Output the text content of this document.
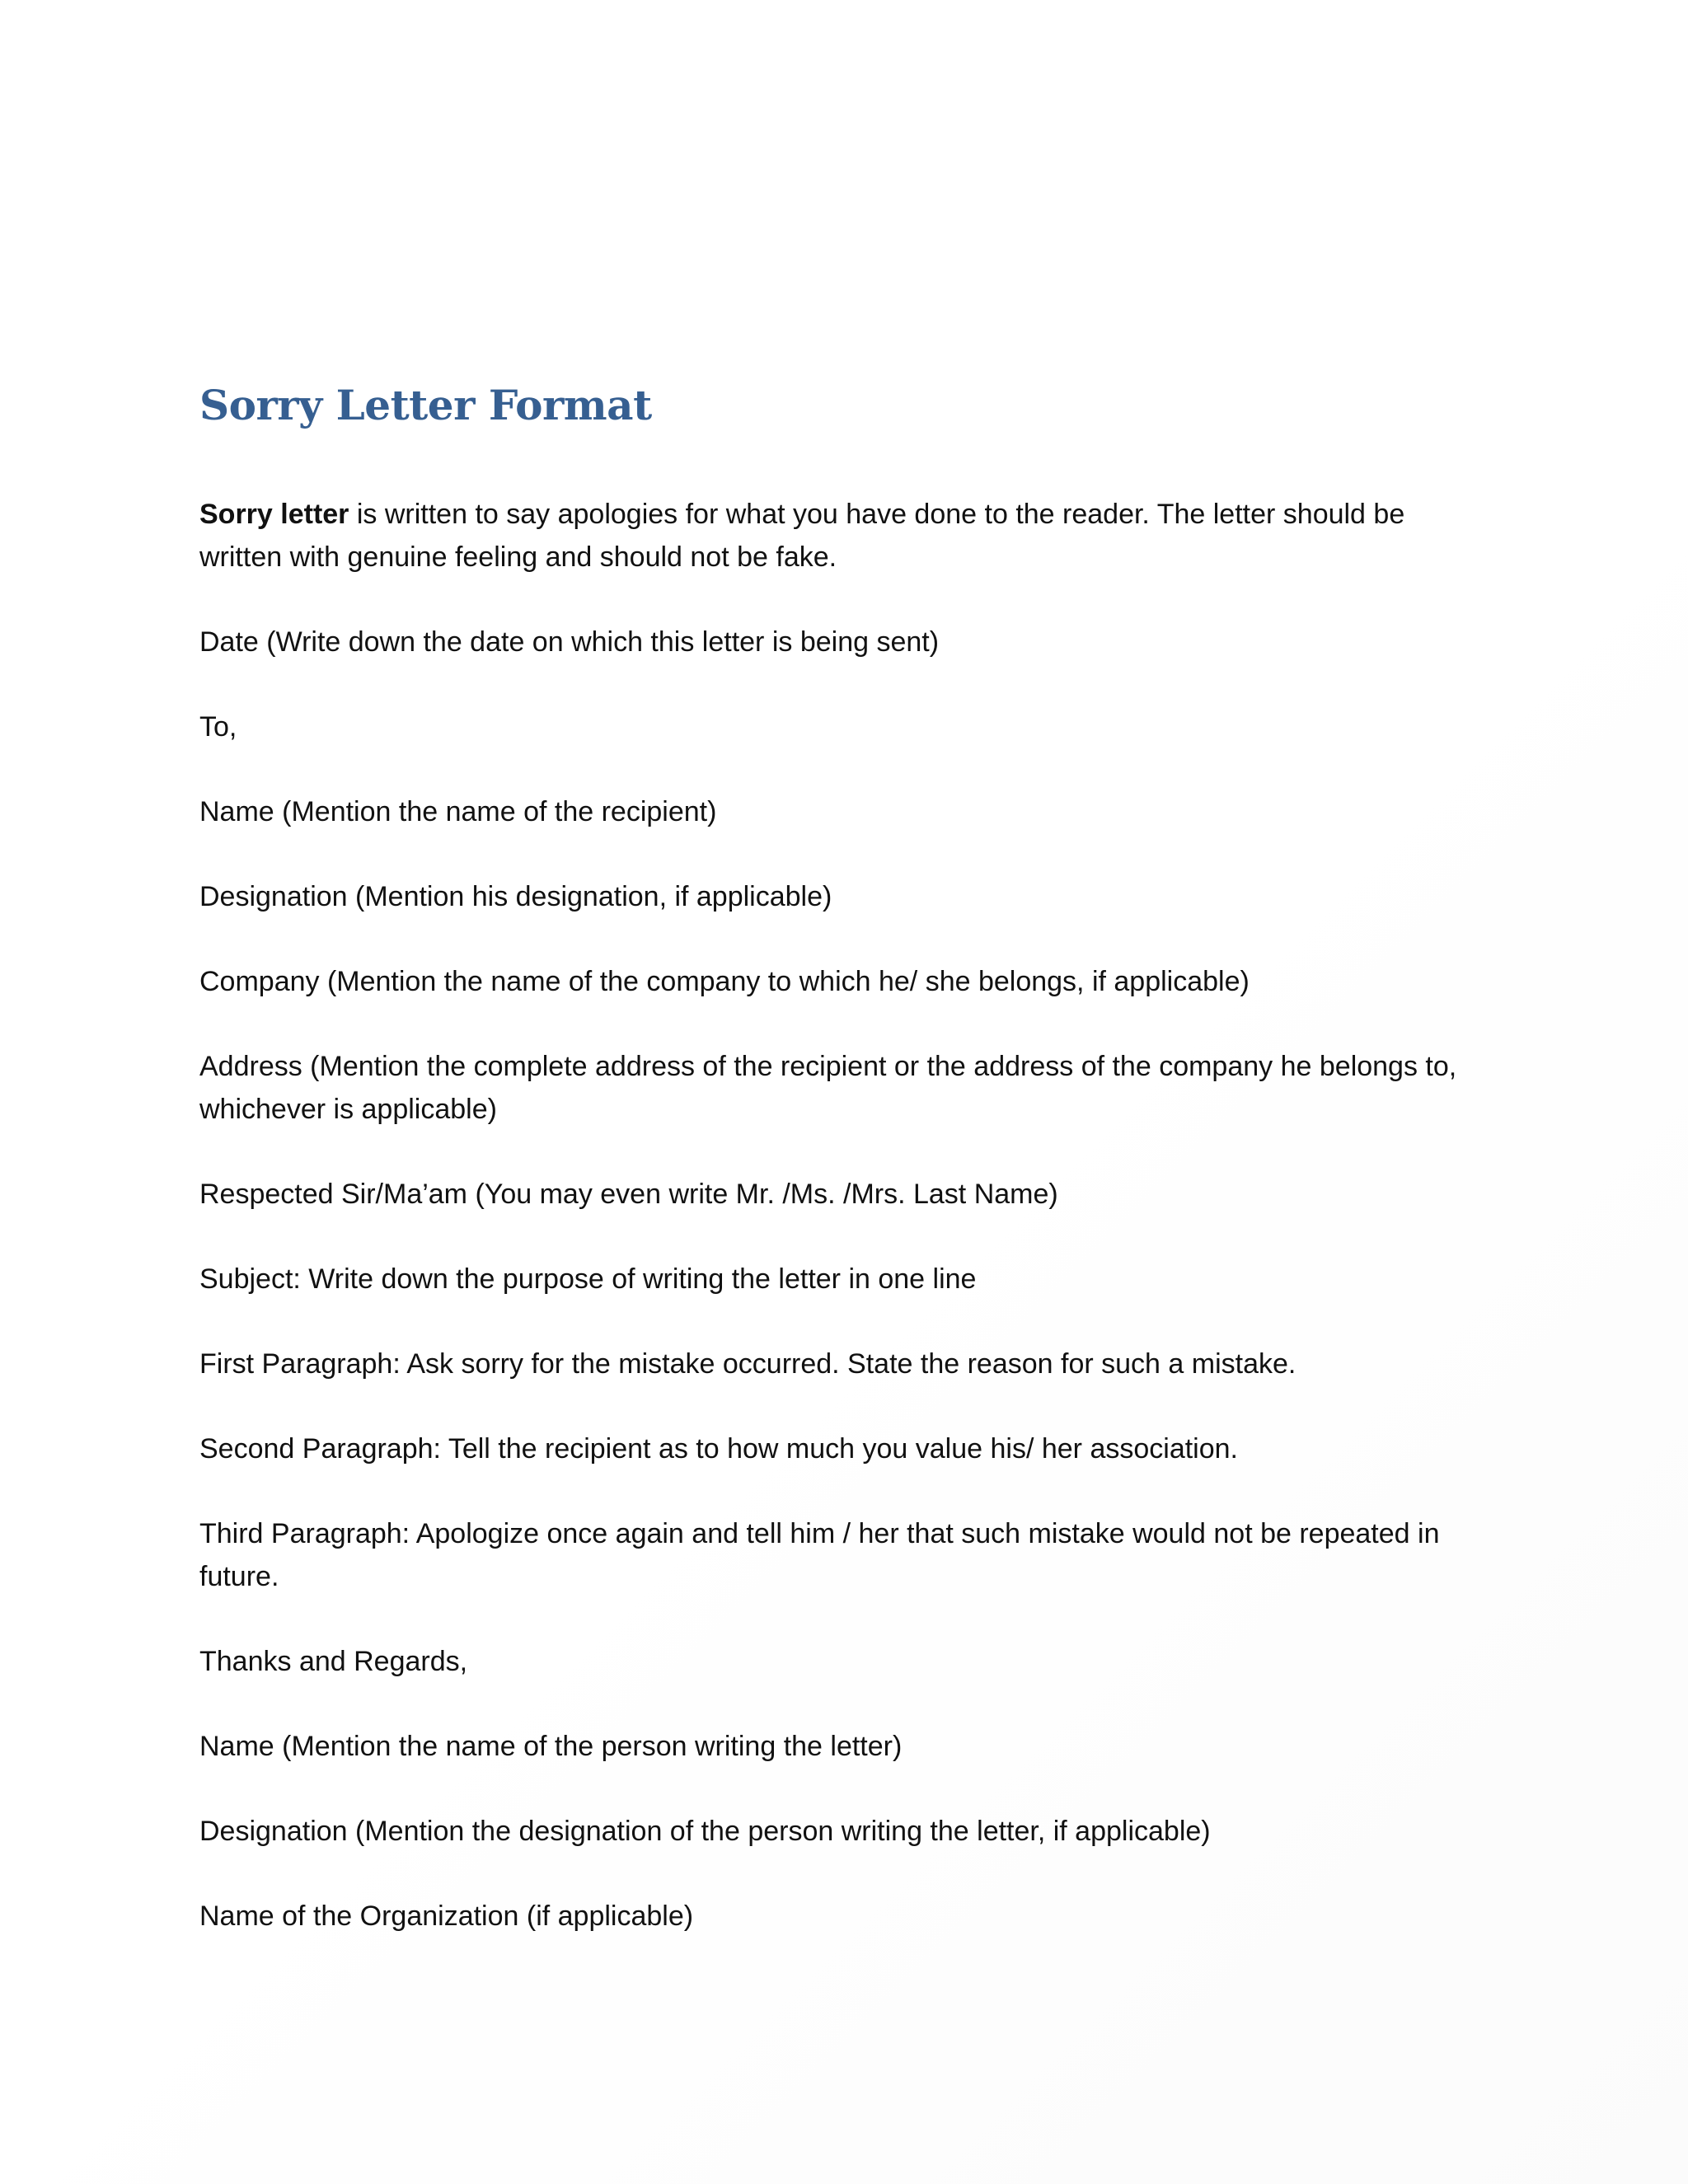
Sorry Letter Format

Sorry letter is written to say apologies for what you have done to the reader. The letter should be written with genuine feeling and should not be fake.

Date (Write down the date on which this letter is being sent)

To,

Name (Mention the name of the recipient)

Designation (Mention his designation, if applicable)

Company (Mention the name of the company to which he/ she belongs, if applicable)

Address (Mention the complete address of the recipient or the address of the company he belongs to, whichever is applicable)

Respected Sir/Ma’am (You may even write Mr. /Ms. /Mrs. Last Name)

Subject: Write down the purpose of writing the letter in one line

First Paragraph: Ask sorry for the mistake occurred. State the reason for such a mistake.

Second Paragraph: Tell the recipient as to how much you value his/ her association.

Third Paragraph: Apologize once again and tell him / her that such mistake would not be repeated in future.

Thanks and Regards,

Name (Mention the name of the person writing the letter)

Designation (Mention the designation of the person writing the letter, if applicable)

Name of the Organization (if applicable)
